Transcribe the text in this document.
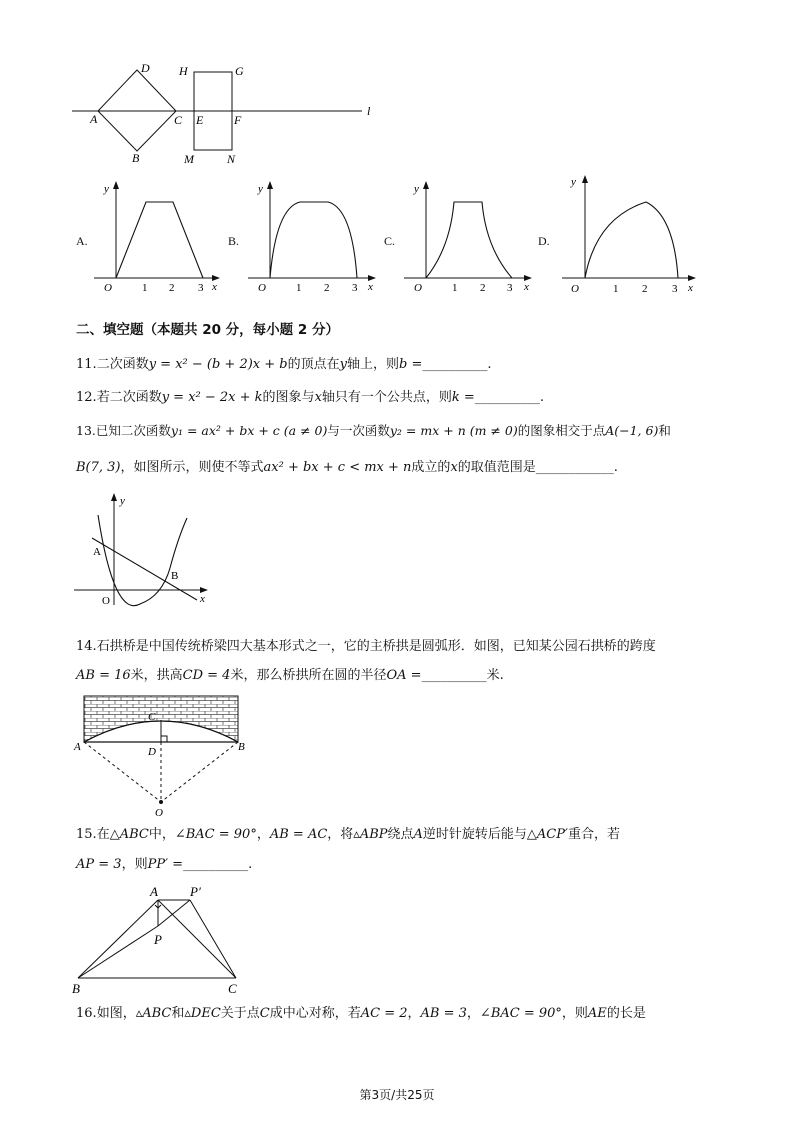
D
A	C
B
H	G
E	F
M	N
l
A.
y
x
O	1 2 3
B.
y
x
O	1 2 3
C.
y
x
O	1 2 3
D.
y
x
O	1 2 3
二、填空题（本题共 20 分，每小题 2 分）
11.二次函数y = x² − (b + 2)x + b的顶点在y轴上，则b =__________.
12.若二次函数y = x² − 2x + k的图象与x轴只有一个公共点，则k =__________.
13.已知二次函数y₁ = ax² + bx + c (a ≠ 0)与一次函数y₂ = mx + n (m ≠ 0)的图象相交于点A(−1, 6)和
B(7, 3)，如图所示，则使不等式ax² + bx + c < mx + n成立的x的取值范围是____________.
y
x
O
A
B
14.石拱桥是中国传统桥梁四大基本形式之一，它的主桥拱是圆弧形．如图，已知某公园石拱桥的跨度
AB = 16米，拱高CD = 4米，那么桥拱所在圆的半径OA =__________米.
C
A	B
D
O
15.在△ABC中，∠BAC = 90°，AB = AC，将▵ABP绕点A逆时针旋转后能与△ACP′重合，若
AP = 3，则PP′ =__________.
A P′
P
B	C
16.如图，▵ABC和▵DEC关于点C成中心对称，若AC = 2，AB = 3，∠BAC = 90°，则AE的长是
第3页/共25页
